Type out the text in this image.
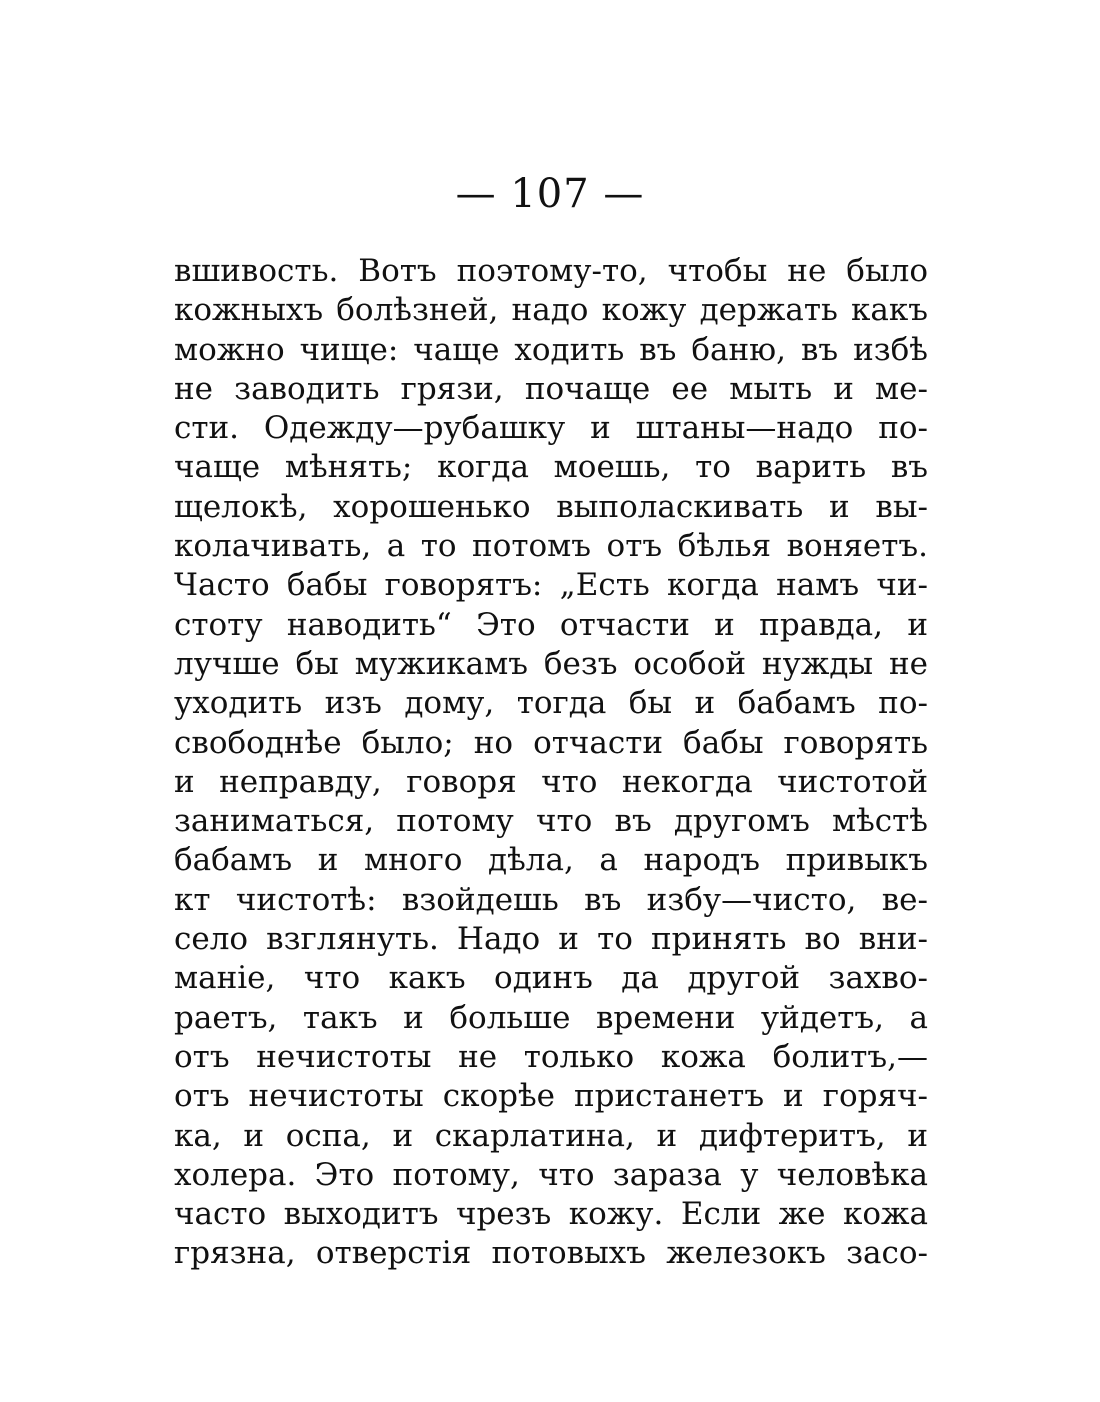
— 107 —
вшивость. Вотъ поэтому-то, чтобы не было
кожныхъ болѣзней, надо кожу держать какъ
можно чище: чаще ходить въ баню, въ избѣ
не заводить грязи, почаще ее мыть и ме-
сти. Одежду—рубашку и штаны—надо по-
чаще мѣнять; когда моешь, то варить въ
щелокѣ, хорошенько выполаскивать и вы-
колачивать, а то потомъ отъ бѣлья воняетъ.
Часто бабы говорятъ: „Есть когда намъ чи-
стоту наводить“ Это отчасти и правда, и
лучше бы мужикамъ безъ особой нужды не
уходить изъ дому, тогда бы и бабамъ по-
свободнѣе было; но отчасти бабы говорять
и неправду, говоря что некогда чистотой
заниматься, потому что въ другомъ мѣстѣ
бабамъ и много дѣла, а народъ привыкъ
кт чистотѣ: взойдешь въ избу—чисто, ве-
село взглянуть. Надо и то принять во вни-
маніе, что какъ одинъ да другой захво-
раетъ, такъ и больше времени уйдетъ, а
отъ нечистоты не только кожа болитъ,—
отъ нечистоты скорѣе пристанетъ и горяч-
ка, и оспа, и скарлатина, и дифтеритъ, и
холера. Это потому, что зараза у человѣка
часто выходитъ чрезъ кожу. Если же кожа
грязна, отверстія потовыхъ железокъ засо-
